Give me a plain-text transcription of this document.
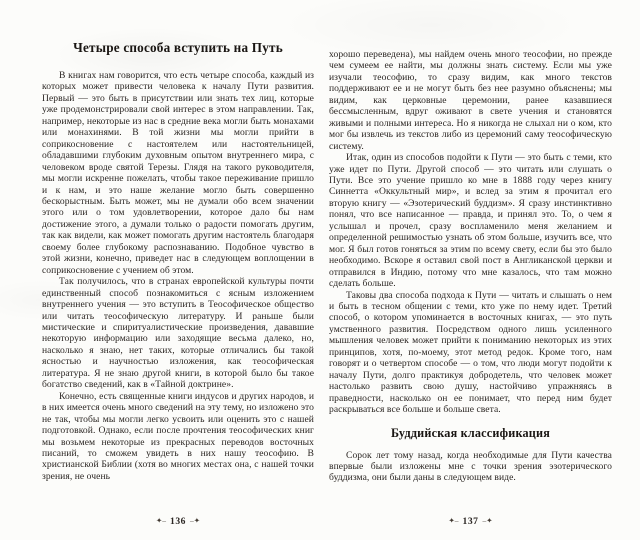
Четыре способа вступить на Путь

В книгах нам говорится, что есть четыре способа, каждый из которых может привести человека к началу Пути развития. Первый — это быть в присутствии или знать тех лиц, которые уже продемонстрировали свой интерес в этом направлении. Так, например, некоторые из нас в средние века могли быть монахами или монахинями. В той жизни мы могли прийти в соприкосновение с настоятелем или настоятельницей, обладавшими глубоким духовным опытом внутреннего мира, с человеком вроде святой Терезы. Глядя на такого руководителя, мы могли искренне пожелать, чтобы такое переживание пришло и к нам, и это наше желание могло быть совершенно бескорыстным. Быть может, мы не думали обо всем значении этого или о том удовлетворении, которое дало бы нам достижение этого, а думали только о радости помогать другим, так как видели, как может помогать другим настоятель благодаря своему более глубокому распознаванию. Подобное чувство в этой жизни, конечно, приведет нас в следующем воплощении в соприкосновение с учением об этом.

Так получилось, что в странах европейской культуры почти единственный способ познакомиться с ясным изложением внутреннего учения — это вступить в Теософическое общество или читать теософическую литературу. И раньше были мистические и спиритуалистические произведения, дававшие некоторую информацию или заходящие весьма далеко, но, насколько я знаю, нет таких, которые отличались бы такой ясностью и научностью изложения, как теософическая литература. Я не знаю другой книги, в которой было бы такое богатство сведений, как в «Тайной доктрине».

Конечно, есть священные книги индусов и других народов, и в них имеется очень много сведений на эту тему, но изложено это не так, чтобы мы могли легко усвоить или оценить это с нашей подготовкой. Однако, если после прочтения теософических книг мы возьмем некоторые из прекрасных переводов восточных писаний, то сможем увидеть в них нашу теософию. В христианской Библии (хотя во многих местах она, с нашей точки зрения, не очень

✦– 136 –✦

хорошо переведена), мы найдем очень много теософии, но прежде чем сумеем ее найти, мы должны знать систему. Если мы уже изучали теософию, то сразу видим, как много текстов поддерживают ее и не могут быть без нее разумно объяснены; мы видим, как церковные церемонии, ранее казавшиеся бессмысленным, вдруг оживают в свете учения и становятся живыми и полными интереса. Но я никогда не слыхал ни о ком, кто мог бы извлечь из текстов либо из церемоний саму теософическую систему.

Итак, один из способов подойти к Пути — это быть с теми, кто уже идет по Пути. Другой способ — это читать или слушать о Пути. Все это учение пришло ко мне в 1888 году через книгу Синнетта «Оккультный мир», и вслед за этим я прочитал его вторую книгу — «Эзотерический буддизм». Я сразу инстинктивно понял, что все написанное — правда, и принял это. То, о чем я услышал и прочел, сразу воспламенило меня желанием и определенной решимостью узнать об этом больше, изучить все, что мог. Я был готов гоняться за этим по всему свету, если бы это было необходимо. Вскоре я оставил свой пост в Англиканской церкви и отправился в Индию, потому что мне казалось, что там можно сделать больше.

Таковы два способа подхода к Пути — читать и слышать о нем и быть в тесном общении с теми, кто уже по нему идет. Третий способ, о котором упоминается в восточных книгах, — это путь умственного развития. Посредством одного лишь усиленного мышления человек может прийти к пониманию некоторых из этих принципов, хотя, по-моему, этот метод редок. Кроме того, нам говорят и о четвертом способе — о том, что люди могут подойти к началу Пути, долго практикуя добродетель, что человек может настолько развить свою душу, настойчиво упражняясь в праведности, насколько он ее понимает, что перед ним будет раскрываться все больше и больше света.

Буддийская классификация

Сорок лет тому назад, когда необходимые для Пути качества впервые были изложены мне с точки зрения эзотерического буддизма, они были даны в следующем виде.

✦– 137 –✦
